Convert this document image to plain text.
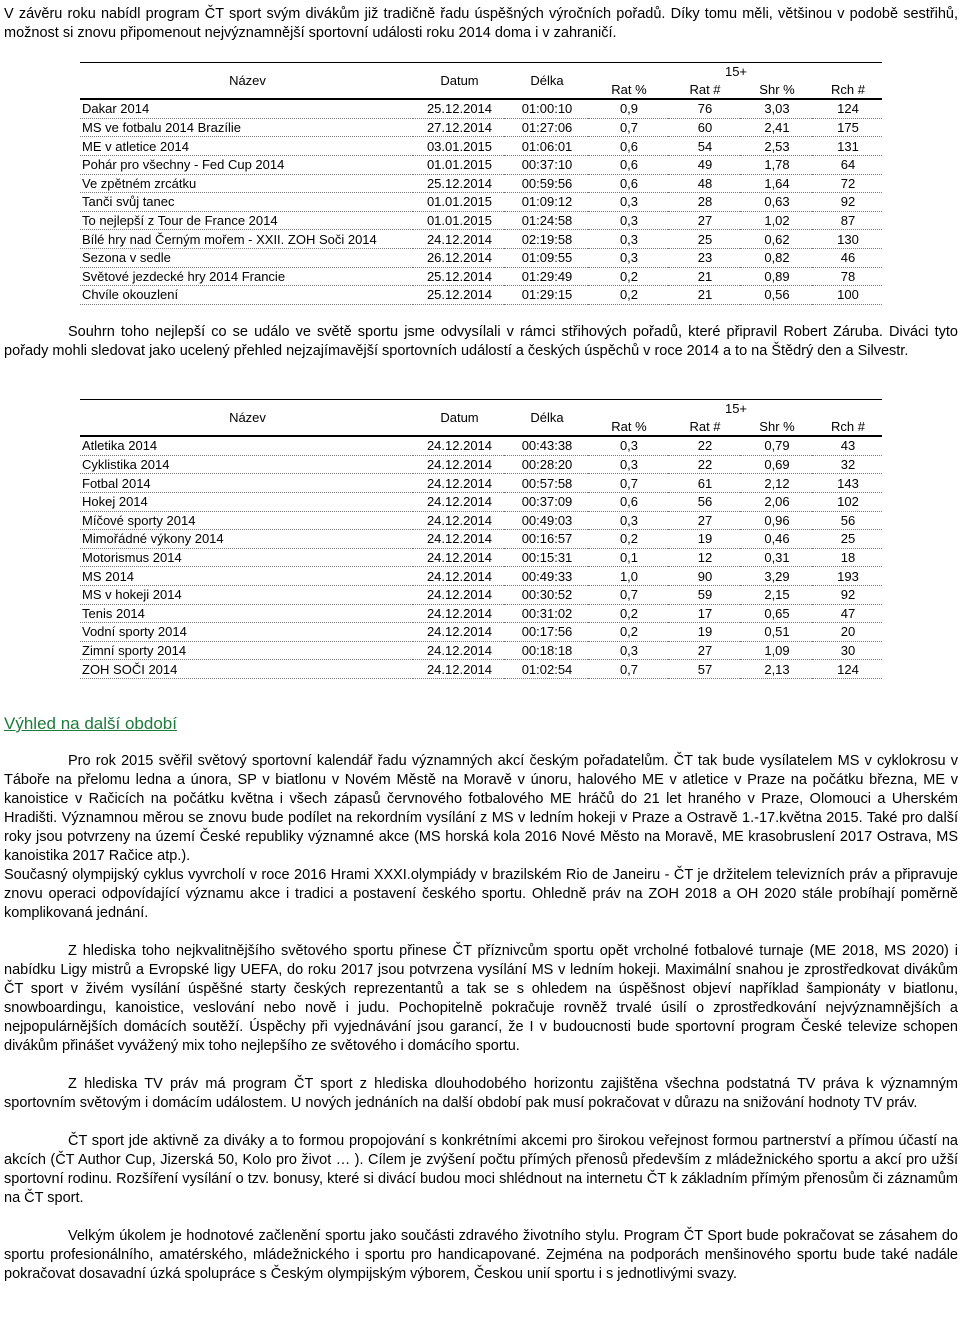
V závěru roku nabídl program ČT sport svým divákům již tradičně řadu úspěšných výročních pořadů. Díky tomu měli, většinou v podobě sestřihů, možnost si znovu připomenout nejvýznamnější sportovní události roku 2014 doma i v zahraničí.

Název	Datum	Délka	15+			
			Rat %	Rat #	Shr %	Rch #
Dakar 2014	25.12.2014	01:00:10	0,9	76	3,03	124
MS ve fotbalu 2014 Brazílie	27.12.2014	01:27:06	0,7	60	2,41	175
ME v atletice 2014	03.01.2015	01:06:01	0,6	54	2,53	131
Pohár pro všechny - Fed Cup 2014	01.01.2015	00:37:10	0,6	49	1,78	64
Ve zpětném zrcátku	25.12.2014	00:59:56	0,6	48	1,64	72
Tanči svůj tanec	01.01.2015	01:09:12	0,3	28	0,63	92
To nejlepší z Tour de France 2014	01.01.2015	01:24:58	0,3	27	1,02	87
Bílé hry nad Černým mořem - XXII. ZOH Soči 2014	24.12.2014	02:19:58	0,3	25	0,62	130
Sezona v sedle	26.12.2014	01:09:55	0,3	23	0,82	46
Světové jezdecké hry 2014 Francie	25.12.2014	01:29:49	0,2	21	0,89	78
Chvíle okouzlení	25.12.2014	01:29:15	0,2	21	0,56	100

Souhrn toho nejlepší co se událo ve světě sportu jsme odvysílali v rámci střihových pořadů, které připravil Robert Záruba. Diváci tyto pořady mohli sledovat jako ucelený přehled nejzajímavější sportovních událostí a českých úspěchů v roce 2014 a to na Štědrý den a Silvestr.

Název	Datum	Délka	15+			
			Rat %	Rat #	Shr %	Rch #
Atletika 2014	24.12.2014	00:43:38	0,3	22	0,79	43
Cyklistika 2014	24.12.2014	00:28:20	0,3	22	0,69	32
Fotbal 2014	24.12.2014	00:57:58	0,7	61	2,12	143
Hokej 2014	24.12.2014	00:37:09	0,6	56	2,06	102
Míčové sporty 2014	24.12.2014	00:49:03	0,3	27	0,96	56
Mimořádné výkony 2014	24.12.2014	00:16:57	0,2	19	0,46	25
Motorismus 2014	24.12.2014	00:15:31	0,1	12	0,31	18
MS 2014	24.12.2014	00:49:33	1,0	90	3,29	193
MS v hokeji 2014	24.12.2014	00:30:52	0,7	59	2,15	92
Tenis 2014	24.12.2014	00:31:02	0,2	17	0,65	47
Vodní sporty 2014	24.12.2014	00:17:56	0,2	19	0,51	20
Zimní sporty 2014	24.12.2014	00:18:18	0,3	27	1,09	30
ZOH SOČI 2014	24.12.2014	01:02:54	0,7	57	2,13	124
Výhled na další období

Pro rok 2015 svěřil světový sportovní kalendář řadu významných akcí českým pořadatelům. ČT tak bude vysílatelem MS v cyklokrosu v Táboře na přelomu ledna a února, SP v biatlonu v Novém Městě na Moravě v únoru, halového ME v atletice v Praze na počátku března, ME v kanoistice v Račicích na počátku května i všech zápasů červnového fotbalového ME hráčů do 21 let hraného v Praze, Olomouci a Uherském Hradišti. Významnou měrou se znovu bude podílet na rekordním vysílání z MS v ledním hokeji v Praze a Ostravě 1.-17.května 2015. Také pro další roky jsou potvrzeny na území České republiky významné akce (MS horská kola 2016 Nové Město na Moravě, ME krasobruslení 2017 Ostrava, MS kanoistika 2017 Račice atp.).

Současný olympijský cyklus vyvrcholí v roce 2016 Hrami XXXI.olympiády v brazilském Rio de Janeiru - ČT je držitelem televizních práv a připravuje znovu operaci odpovídající významu akce i tradici a postavení českého sportu. Ohledně práv na ZOH 2018 a OH 2020 stále probíhají poměrně komplikovaná jednání.

Z hlediska toho nejkvalitnějšího světového sportu přinese ČT příznivcům sportu opět vrcholné fotbalové turnaje (ME 2018, MS 2020) i nabídku Ligy mistrů a Evropské ligy UEFA, do roku 2017 jsou potvrzena vysílání MS v ledním hokeji. Maximální snahou je zprostředkovat divákům ČT sport v živém vysílání úspěšné starty českých reprezentantů a tak se s ohledem na úspěšnost objeví například šampionáty v biatlonu, snowboardingu, kanoistice, veslování nebo nově i judu. Pochopitelně pokračuje rovněž trvalé úsilí o zprostředkování nejvýznamnějších a nejpopulárnějších domácích soutěží. Úspěchy při vyjednávání jsou garancí, že I v budoucnosti bude sportovní program České televize schopen divákům přinášet vyvážený mix toho nejlepšího ze světového i domácího sportu.

Z hlediska TV práv má program ČT sport z hlediska dlouhodobého horizontu zajištěna všechna podstatná TV práva k významným sportovním světovým i domácím událostem. U nových jednáních na další období pak musí pokračovat v důrazu na snižování hodnoty TV práv.

ČT sport jde aktivně za diváky a to formou propojování s konkrétními akcemi pro širokou veřejnost formou partnerství a přímou účastí na akcích (ČT Author Cup, Jizerská 50, Kolo pro život … ). Cílem je zvýšení počtu přímých přenosů především z mládežnického sportu a akcí pro užší sportovní rodinu. Rozšíření vysílání o tzv. bonusy, které si divácí budou moci shlédnout na internetu ČT k základním přímým přenosům či záznamům na ČT sport.

Velkým úkolem je hodnotové začlenění sportu jako součásti zdravého životního stylu. Program ČT Sport bude pokračovat se zásahem do sportu profesionálního, amatérského, mládežnického i sportu pro handicapované. Zejména na podporách menšinového sportu bude také nadále pokračovat dosavadní úzká spolupráce s Českým olympijským výborem, Českou unií sportu i s jednotlivými svazy.
